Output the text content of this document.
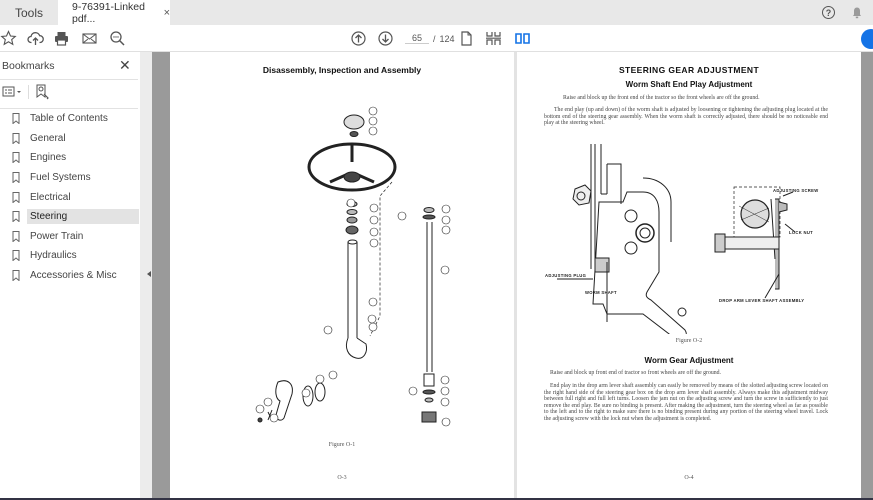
Tools	9-76391-Linked pdf...	×	?
65
/ 124
Bookmarks	✕
Table of Contents
General
Engines
Fuel Systems
Electrical
Steering
Power Train
Hydraulics
Accessories & Misc
Disassembly, Inspection and Assembly
Figure O-1
O-3
STEERING GEAR ADJUSTMENT
Worm Shaft End Play Adjustment
Raise and block up the front end of the tractor so the front wheels are off the ground.
The end play (up and down) of the worm shaft is adjusted by loosening or tightening the adjusting plug located at the bottom end of the steering gear assembly. When the worm shaft is correctly adjusted, there should be no noticeable end play at the steering wheel.
ADJUSTING PLUG
WORM SHAFT
ADJUSTING SCREW
LOCK NUT
DROP ARM LEVER SHAFT ASSEMBLY
Figure O-2
Worm Gear Adjustment
Raise and block up front end of tractor so front wheels are off the ground.
End play in the drop arm lever shaft assembly can easily be removed by means of the slotted adjusting screw located on the right hand side of the steering gear box on the drop arm lever shaft assembly. Always make this adjustment midway between full right and full left turns. Loosen the jam nut on the adjusting screw and turn the screw in sufficiently to just remove the end play. Be sure no binding is present. After making the adjustment, turn the steering wheel as far as possible to the left and to the right to make sure there is no binding present during any portion of the steering wheel travel. Lock the adjusting screw with the lock nut when the adjustment is completed.
O-4
